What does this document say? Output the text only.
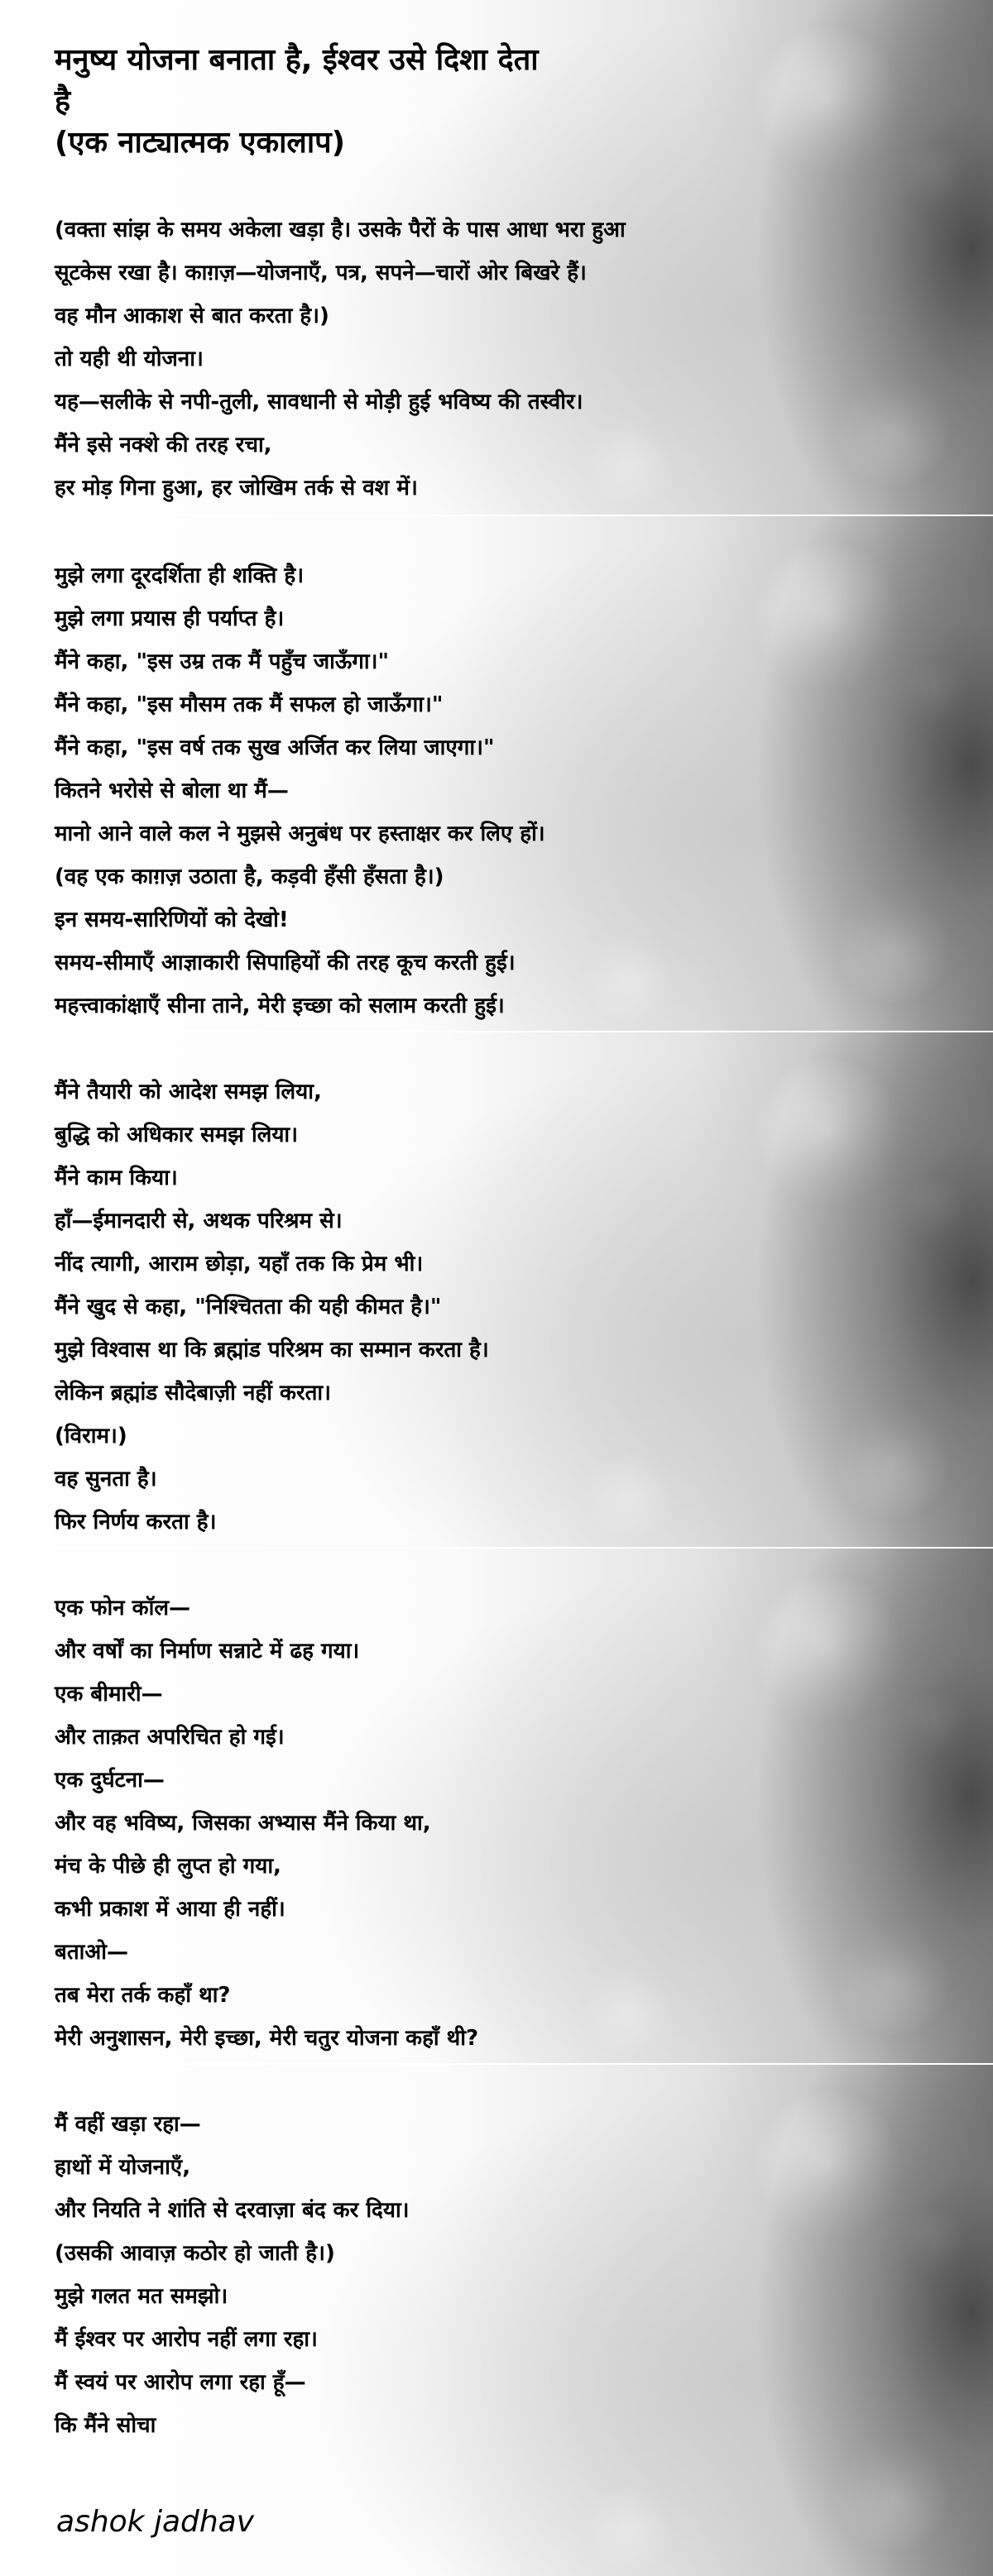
मनुष्य योजना बनाता है, ईश्वर उसे दिशा देता
है
(एक नाट्यात्मक एकालाप)
(वक्ता सांझ के समय अकेला खड़ा है। उसके पैरों के पास आधा भरा हुआ
सूटकेस रखा है। काग़ज़—योजनाएँ, पत्र, सपने—चारों ओर बिखरे हैं।
वह मौन आकाश से बात करता है।)
तो यही थी योजना।
यह—सलीके से नपी-तुली, सावधानी से मोड़ी हुई भविष्य की तस्वीर।
मैंने इसे नक्शे की तरह रचा,
हर मोड़ गिना हुआ, हर जोखिम तर्क से वश में।
मुझे लगा दूरदर्शिता ही शक्ति है।
मुझे लगा प्रयास ही पर्याप्त है।
मैंने कहा, "इस उम्र तक मैं पहुँच जाऊँगा।"
मैंने कहा, "इस मौसम तक मैं सफल हो जाऊँगा।"
मैंने कहा, "इस वर्ष तक सुख अर्जित कर लिया जाएगा।"
कितने भरोसे से बोला था मैं—
मानो आने वाले कल ने मुझसे अनुबंध पर हस्ताक्षर कर लिए हों।
(वह एक काग़ज़ उठाता है, कड़वी हँसी हँसता है।)
इन समय-सारिणियों को देखो!
समय-सीमाएँ आज्ञाकारी सिपाहियों की तरह कूच करती हुई।
महत्त्वाकांक्षाएँ सीना ताने, मेरी इच्छा को सलाम करती हुई।
मैंने तैयारी को आदेश समझ लिया,
बुद्धि को अधिकार समझ लिया।
मैंने काम किया।
हाँ—ईमानदारी से, अथक परिश्रम से।
नींद त्यागी, आराम छोड़ा, यहाँ तक कि प्रेम भी।
मैंने खुद से कहा, "निश्चितता की यही कीमत है।"
मुझे विश्वास था कि ब्रह्मांड परिश्रम का सम्मान करता है।
लेकिन ब्रह्मांड सौदेबाज़ी नहीं करता।
(विराम।)
वह सुनता है।
फिर निर्णय करता है।
एक फोन कॉल—
और वर्षों का निर्माण सन्नाटे में ढह गया।
एक बीमारी—
और ताक़त अपरिचित हो गई।
एक दुर्घटना—
और वह भविष्य, जिसका अभ्यास मैंने किया था,
मंच के पीछे ही लुप्त हो गया,
कभी प्रकाश में आया ही नहीं।
बताओ—
तब मेरा तर्क कहाँ था?
मेरी अनुशासन, मेरी इच्छा, मेरी चतुर योजना कहाँ थी?
मैं वहीं खड़ा रहा—
हाथों में योजनाएँ,
और नियति ने शांति से दरवाज़ा बंद कर दिया।
(उसकी आवाज़ कठोर हो जाती है।)
मुझे गलत मत समझो।
मैं ईश्वर पर आरोप नहीं लगा रहा।
मैं स्वयं पर आरोप लगा रहा हूँ—
कि मैंने सोचा
ashok jadhav
